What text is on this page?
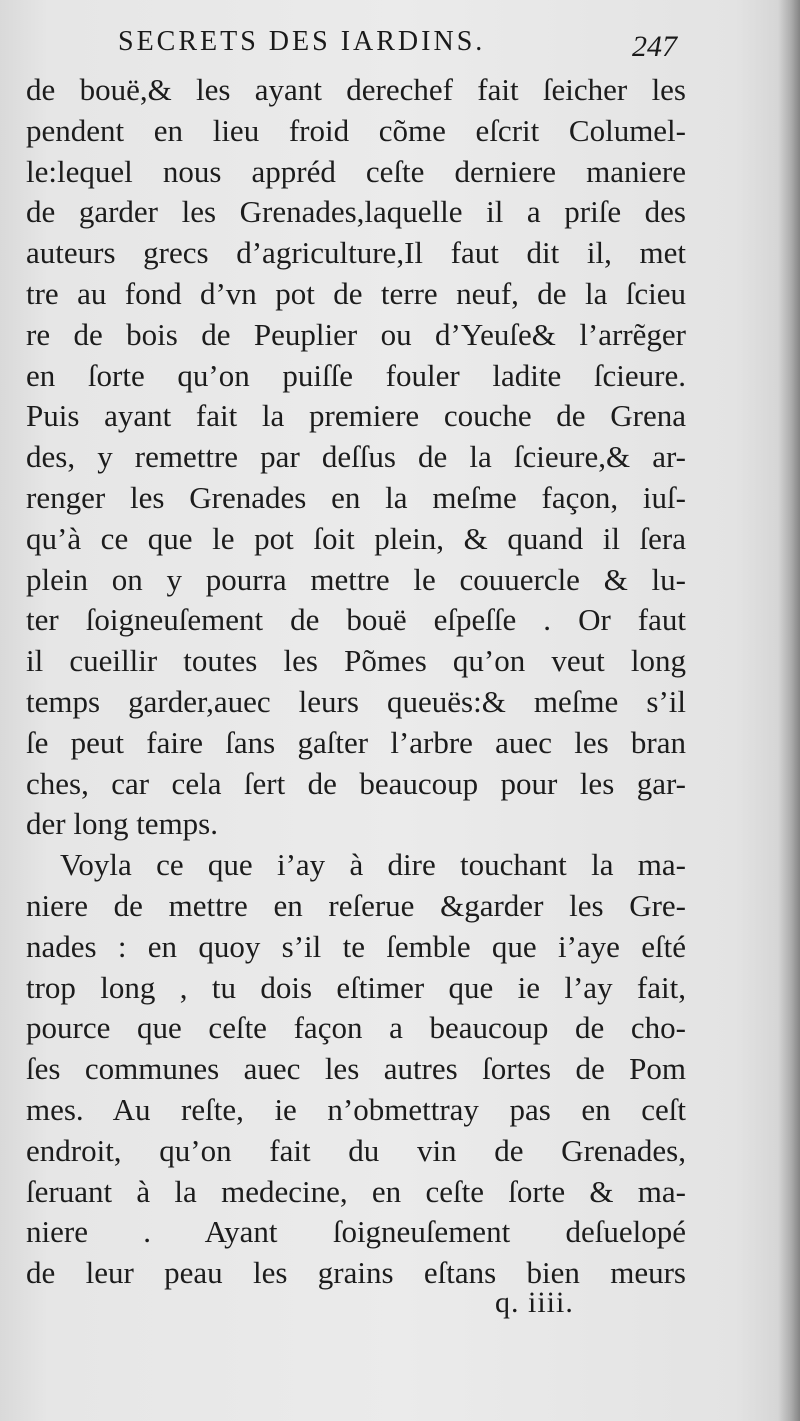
SECRETS DES IARDINS.	247
de bouë,& les ayant derechef fait ſeicher les
pendent en lieu froid cõme eſcrit Columel-
le:lequel nous appréd ceſte derniere maniere
de garder les Grenades,laquelle il a priſe des
auteurs grecs d’agriculture,Il faut dit il, met
tre au fond d’vn pot de terre neuf, de la ſcieu
re de bois de Peuplier ou d’Yeuſe& l’arrẽger
en ſorte qu’on puiſſe fouler ladite ſcieure.
Puis ayant fait la premiere couche de Grena
des, y remettre par deſſus de la ſcieure,& ar-
renger les Grenades en la meſme façon, iuſ-
qu’à ce que le pot ſoit plein, & quand il ſera
plein on y pourra mettre le couuercle & lu-
ter ſoigneuſement de bouë eſpeſſe . Or faut
il cueillir toutes les Põmes qu’on veut long
temps garder,auec leurs queuës:& meſme s’il
ſe peut faire ſans gaſter l’arbre auec les bran
ches, car cela ſert de beaucoup pour les gar-
der long temps.
Voyla ce que i’ay à dire touchant la ma-
niere de mettre en reſerue &garder les Gre-
nades : en quoy s’il te ſemble que i’aye eſté
trop long , tu dois eſtimer que ie l’ay fait,
pource que ceſte façon a beaucoup de cho-
ſes communes auec les autres ſortes de Pom
mes. Au reſte, ie n’obmettray pas en ceſt
endroit, qu’on fait du vin de Grenades,
ſeruant à la medecine, en ceſte ſorte & ma-
niere . Ayant ſoigneuſement deſuelopé
de leur peau les grains eſtans bien meurs
q. iiii.
